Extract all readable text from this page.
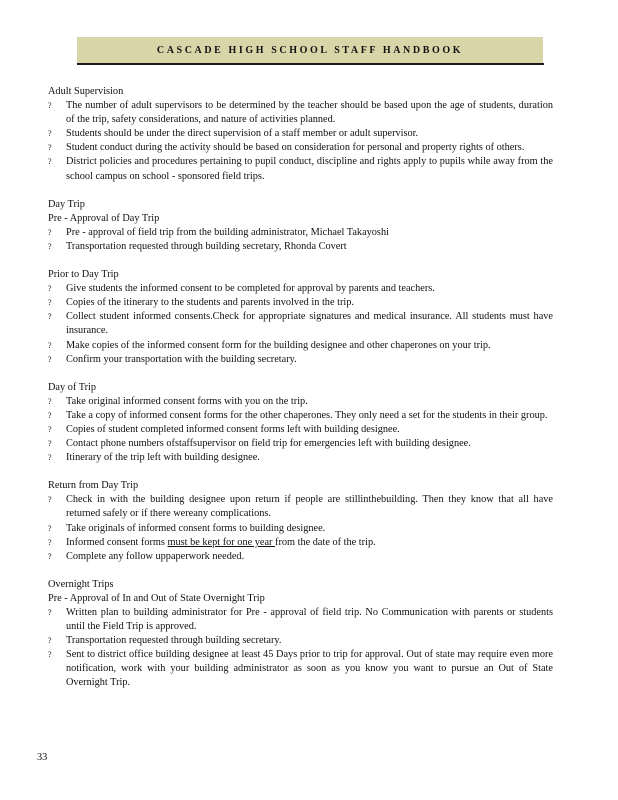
CASCADE HIGH SCHOOL STAFF HANDBOOK
Adult Supervision
? The number of adult supervisors to be determined by the teacher should be based upon the age of students, duration of the trip, safety considerations, and nature of activities planned.
? Students should be under the direct supervision of a staff member or adult supervisor.
? Student conduct during the activity should be based on consideration for personal and property rights of others.
? District policies and procedures pertaining to pupil conduct, discipline and rights apply to pupils while away from the school campus on school - sponsored field trips.
Day Trip
Pre - Approval of Day Trip
? Pre - approval of field trip from the building administrator, Michael Takayoshi
? Transportation requested through building secretary, Rhonda Covert
Prior to Day Trip
? Give students the informed consent to be completed for approval by parents and teachers.
? Copies of the itinerary to the students and parents involved in the trip.
? Collect student informed consents.Check for appropriate signatures and medical insurance. All students must have insurance.
? Make copies of the informed consent form for the building designee and other chaperones on your trip.
? Confirm your transportation with the building secretary.
Day of Trip
? Take original informed consent forms with you on the trip.
? Take a copy of informed consent forms for the other chaperones. They only need a set for the students in their group.
? Copies of student completed informed consent forms left with building designee.
? Contact phone numbers ofstaffsupervisor on field trip for emergencies left with building designee.
? Itinerary of the trip left with building designee.
Return from Day Trip
? Check in with the building designee upon return if people are stillinthebuilding. Then they know that all have returned safely or if there wereany complications.
? Take originals of informed consent forms to building designee.
? Informed consent forms must be kept for one year from the date of the trip.
? Complete any follow uppaperwork needed.
Overnight Trips
Pre - Approval of In and Out of State Overnight Trip
? Written plan to building administrator for Pre - approval of field trip. No Communication with parents or students until the Field Trip is approved.
? Transportation requested through building secretary.
? Sent to district office building designee at least 45 Days prior to trip for approval. Out of state may require even more notification, work with your building administrator as soon as you know you want to pursue an Out of State Overnight Trip.
33
